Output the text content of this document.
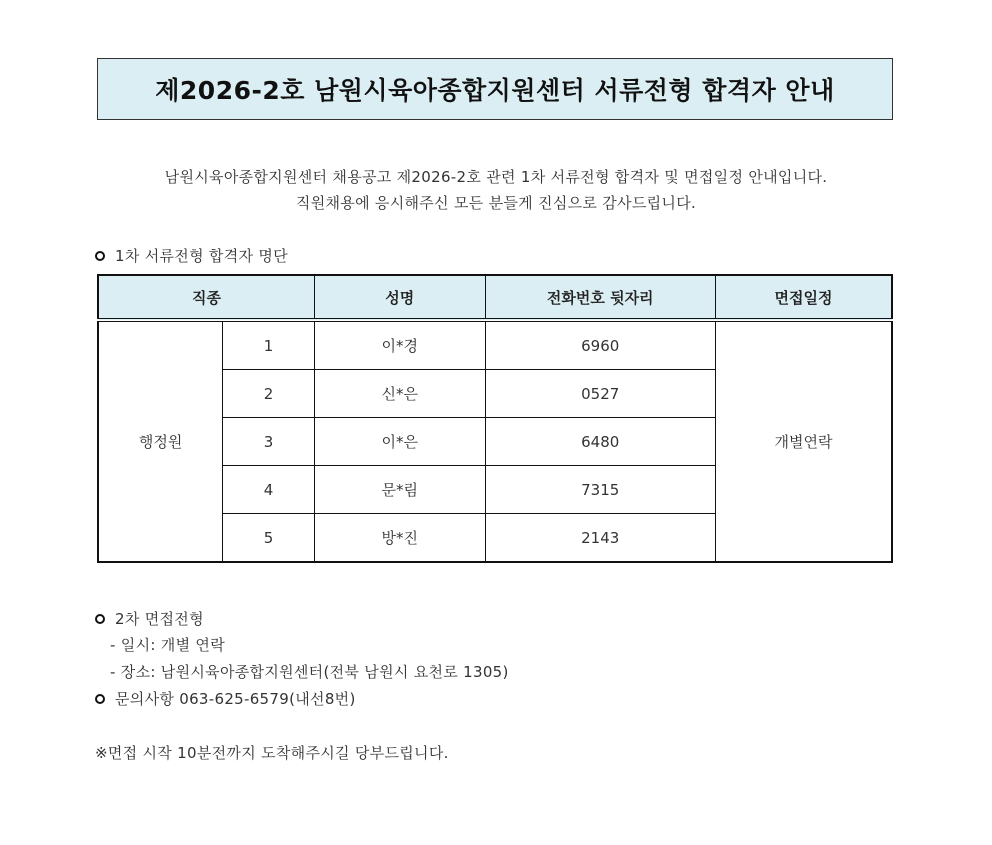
제2026-2호 남원시육아종합지원센터 서류전형 합격자 안내
남원시육아종합지원센터 채용공고 제2026-2호 관련 1차 서류전형 합격자 및 면접일정 안내입니다.
직원채용에 응시해주신 모든 분들게 진심으로 감사드립니다.
1차 서류전형 합격자 명단
직종		성명	전화번호 뒷자리	면접일정
행정원	1	이*경	6960	개별연락
	2	신*은	0527	
	3	이*은	6480	
	4	문*림	7315	
	5	방*진	2143	
2차 면접전형
- 일시: 개별 연락
- 장소: 남원시육아종합지원센터(전북 남원시 요천로 1305)
문의사항 063-625-6579(내선8번)
※면접 시작 10분전까지 도착해주시길 당부드립니다.
